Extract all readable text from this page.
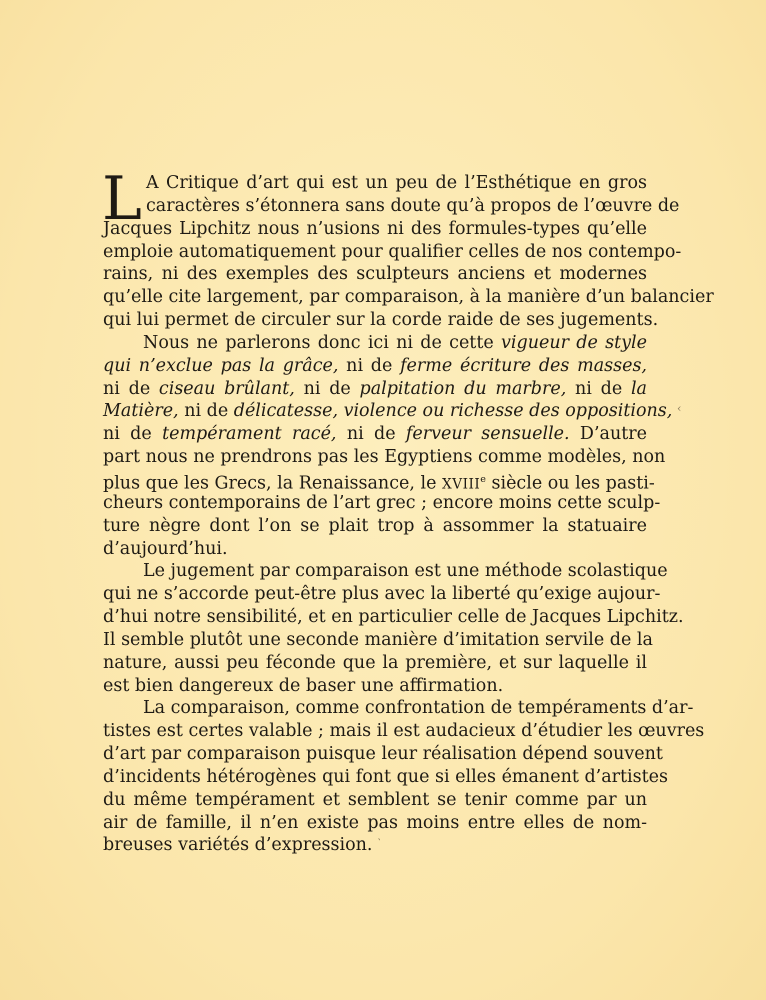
L A Critique d’art qui est un peu de l’Esthétique en gros
caractères s’étonnera sans doute qu’à propos de l’œuvre de
Jacques Lipchitz nous n’usions ni des formules-types qu’elle
emploie automatiquement pour qualifier celles de nos contempo-
rains, ni des exemples des sculpteurs anciens et modernes
qu’elle cite largement, par comparaison, à la manière d’un balancier
qui lui permet de circuler sur la corde raide de ses jugements.
Nous ne parlerons donc ici ni de cette vigueur de style
qui n’exclue pas la grâce, ni de ferme écriture des masses,
ni de ciseau brûlant, ni de palpitation du marbre, ni de la
Matière, ni de délicatesse, violence ou richesse des oppositions,
ni de tempérament racé, ni de ferveur sensuelle. D’autre
part nous ne prendrons pas les Egyptiens comme modèles, non
plus que les Grecs, la Renaissance, le XVIIIe siècle ou les pasti-
cheurs contemporains de l’art grec ; encore moins cette sculp-
ture nègre dont l’on se plait trop à assommer la statuaire
d’aujourd’hui.
Le jugement par comparaison est une méthode scolastique
qui ne s’accorde peut-être plus avec la liberté qu’exige aujour-
d’hui notre sensibilité, et en particulier celle de Jacques Lipchitz.
Il semble plutôt une seconde manière d’imitation servile de la
nature, aussi peu féconde que la première, et sur laquelle il
est bien dangereux de baser une affirmation.
La comparaison, comme confrontation de tempéraments d’ar-
tistes est certes valable ; mais il est audacieux d’étudier les œuvres
d’art par comparaison puisque leur réalisation dépend souvent
d’incidents hétérogènes qui font que si elles émanent d’artistes
du même tempérament et semblent se tenir comme par un
air de famille, il n’en existe pas moins entre elles de nom-
breuses variétés d’expression.
‹
‵
